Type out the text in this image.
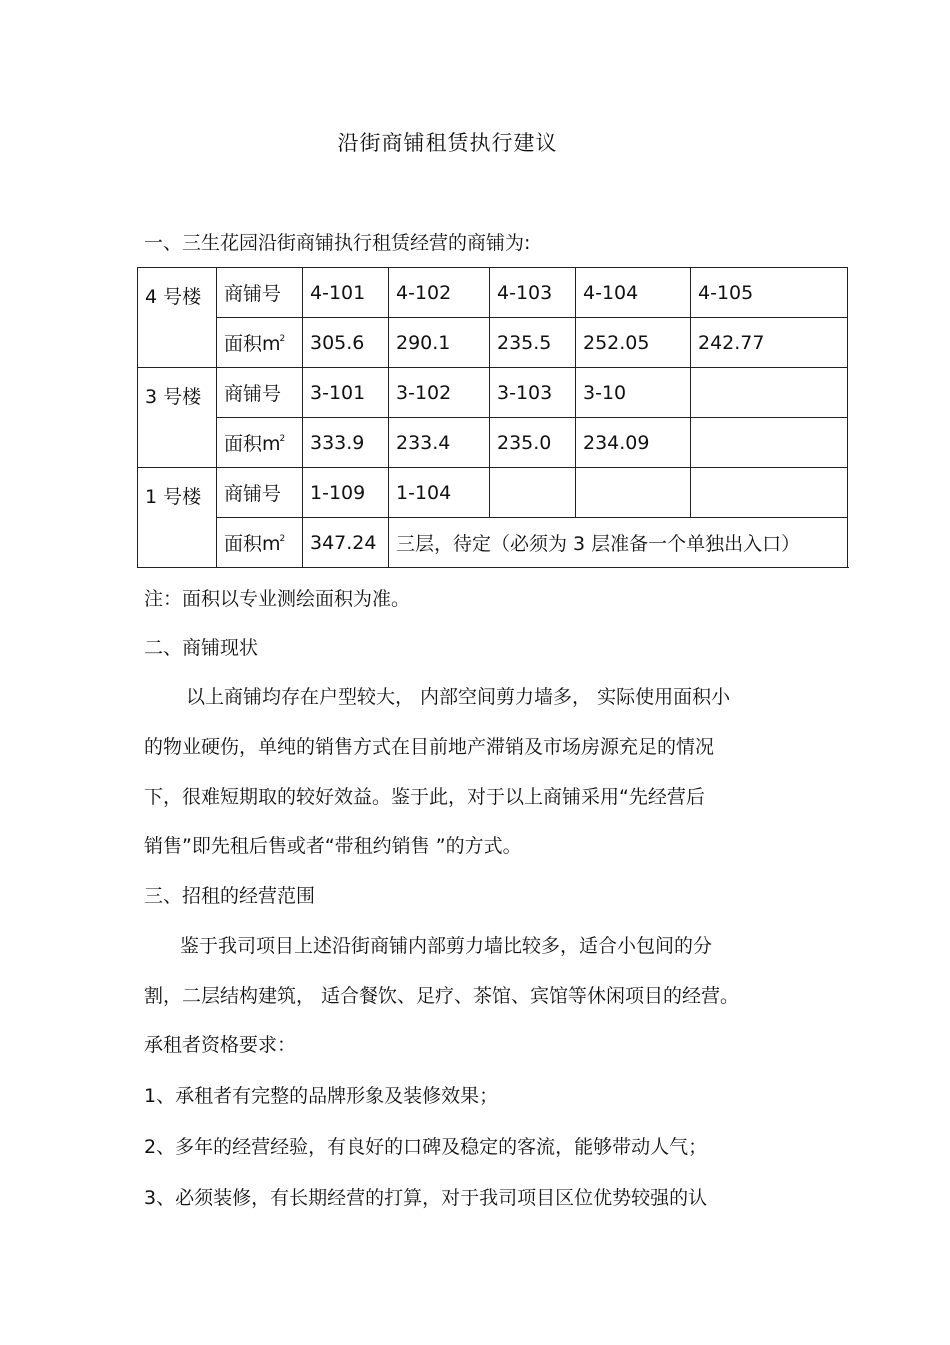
沿街商铺租赁执行建议
一、三生花园沿街商铺执行租赁经营的商铺为:
4 号楼	商铺号	4-101	4-102	4-103	4-104	4-105
	面积$m^2$	305.6	290.1	235.5	252.05	242.77
3 号楼	商铺号	3-101	3-102	3-103	3-10	
	面积$m^2$	333.9	233.4	235.0	234.09	
1 号楼	商铺号	1-109	1-104			
	面积$m^2$	347.24	三层，待定（必须为 3 层准备一个单独出入口）			
注：面积以专业测绘面积为准。
二、商铺现状
以上商铺均存在户型较大， 内部空间剪力墙多， 实际使用面积小
的物业硬伤，单纯的销售方式在目前地产滞销及市场房源充足的情况
下，很难短期取的较好效益。鉴于此，对于以上商铺采用“先经营后
销售”即先租后售或者“带租约销售 ”的方式。
三、招租的经营范围
鉴于我司项目上述沿街商铺内部剪力墙比较多，适合小包间的分
割，二层结构建筑， 适合餐饮、足疗、茶馆、宾馆等休闲项目的经营。
承租者资格要求：
1、承租者有完整的品牌形象及装修效果；
2、多年的经营经验，有良好的口碑及稳定的客流，能够带动人气；
3、必须装修，有长期经营的打算，对于我司项目区位优势较强的认
